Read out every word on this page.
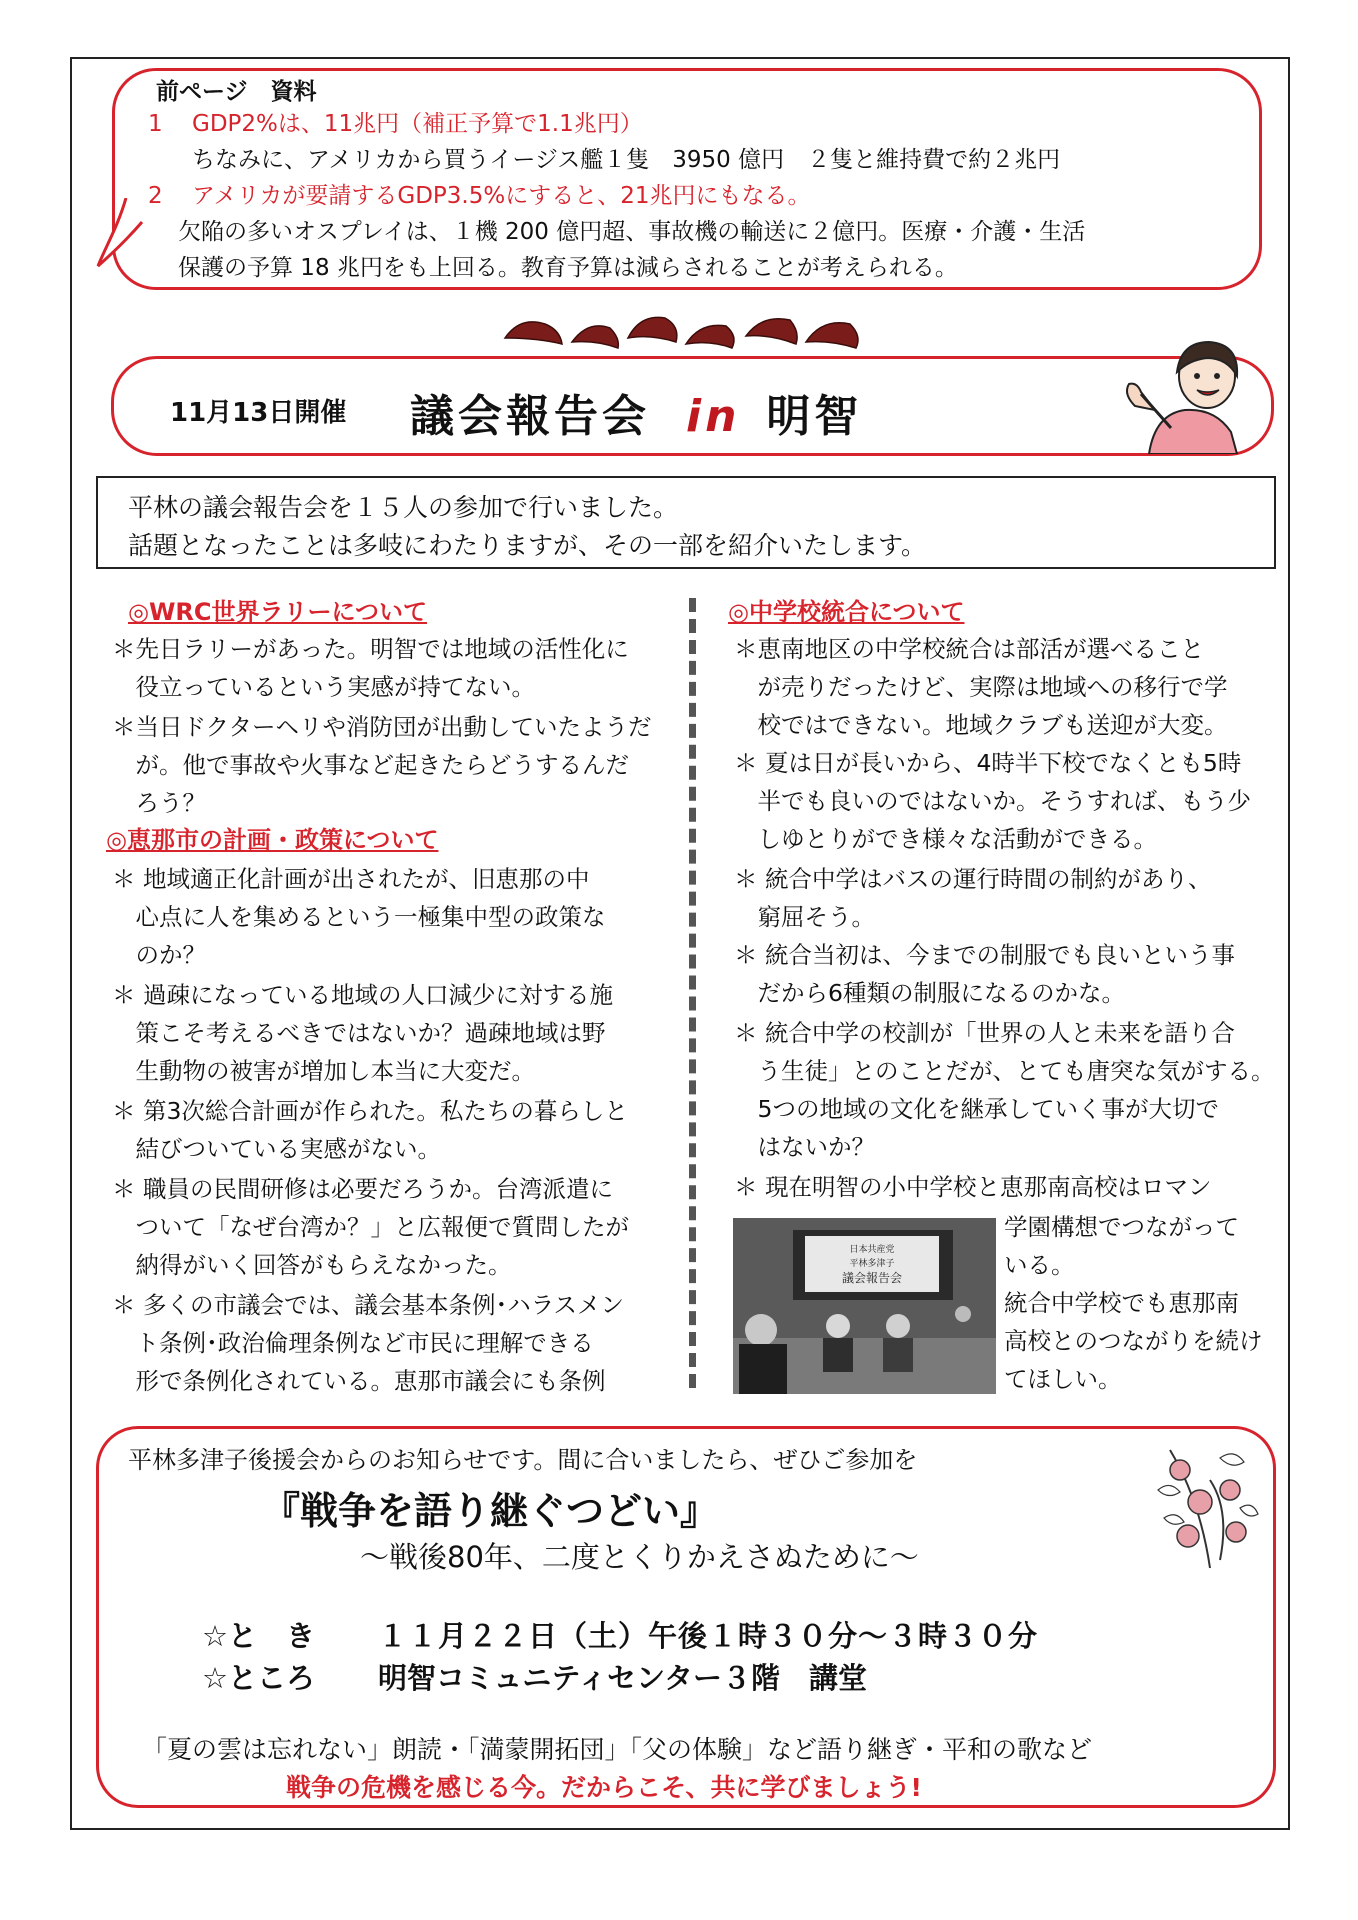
前ページ　資料
1 GDP2%は、11兆円（補正予算で1.1兆円）
ちなみに、アメリカから買うイージス艦１隻　3950 億円　２隻と維持費で約２兆円
2 アメリカが要請するGDP3.5%にすると、21兆円にもなる。
欠陥の多いオスプレイは、１機 200 億円超、事故機の輸送に２億円。医療・介護・生活
保護の予算 18 兆円をも上回る。教育予算は減らされることが考えられる。
11月13日開催 議会報告会 in 明智

平林の議会報告会を１５人の参加で行いました。

話題となったことは多岐にわたりますが、その一部を紹介いたします。

◎WRC世界ラリーについて
＊先日ラリーがあった。明智では地域の活性化に
　役立っているという実感が持てない。
＊当日ドクターヘリや消防団が出動していたようだ
　が。他で事故や火事など起きたらどうするんだ
　ろう？
◎恵那市の計画・政策について
＊ 地域適正化計画が出されたが、旧恵那の中
　心点に人を集めるという一極集中型の政策な
　のか？
＊ 過疎になっている地域の人口減少に対する施
　策こそ考えるべきではないか？過疎地域は野
　生動物の被害が増加し本当に大変だ。
＊ 第3次総合計画が作られた。私たちの暮らしと
　結びついている実感がない。
＊ 職員の民間研修は必要だろうか。台湾派遣に
　ついて「なぜ台湾か？」と広報便で質問したが
　納得がいく回答がもらえなかった。
＊ 多くの市議会では、議会基本条例･ハラスメン
　ト条例･政治倫理条例など市民に理解できる
　形で条例化されている。恵那市議会にも条例
◎中学校統合について
＊恵南地区の中学校統合は部活が選べること
　が売りだったけど、実際は地域への移行で学
　校ではできない。地域クラブも送迎が大変。
＊ 夏は日が長いから、4時半下校でなくとも5時
　半でも良いのではないか。そうすれば、もう少
　しゆとりができ様々な活動ができる。
＊ 統合中学はバスの運行時間の制約があり、
　窮屈そう。
＊ 統合当初は、今までの制服でも良いという事
　だから6種類の制服になるのかな。
＊ 統合中学の校訓が「世界の人と未来を語り合
　う生徒」とのことだが、とても唐突な気がする。
　5つの地域の文化を継承していく事が大切で
　はないか？
＊ 現在明智の小中学校と恵那南高校はロマン
学園構想でつながって
いる。
統合中学校でも恵那南
高校とのつながりを続け
てほしい。
日本共産党
平林多津子
議会報告会
平林多津子後援会からのお知らせです。間に合いましたら、ぜひご参加を
『戦争を語り継ぐつどい』
～戦後80年、二度とくりかえさぬために～
☆と　き １１月２２日（土）午後１時３０分～３時３０分
☆ところ 明智コミュニティセンター３階　講堂
「夏の雲は忘れない」朗読・「満蒙開拓団」「父の体験」など語り継ぎ・平和の歌など
戦争の危機を感じる今。だからこそ、共に学びましょう!
